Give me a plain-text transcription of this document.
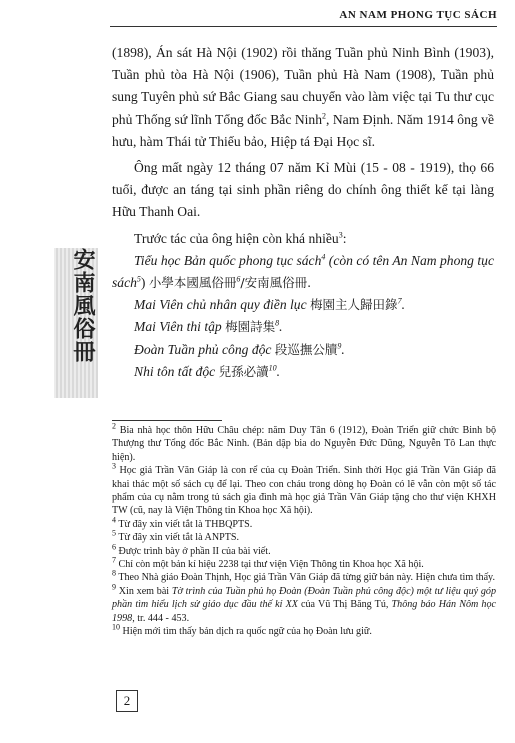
AN NAM PHONG TỤC SÁCH
安南風俗冊

(1898), Án sát Hà Nội (1902) rồi thăng Tuần phủ Ninh Bình (1903), Tuần phủ tòa Hà Nội (1906), Tuần phủ Hà Nam (1908), Tuần phủ sung Tuyên phủ sứ Bắc Giang sau chuyển vào làm việc tại Tu thư cục phủ Thống sứ lĩnh Tổng đốc Bắc Ninh$^2$, Nam Định. Năm 1914 ông về hưu, hàm Thái tử Thiếu bảo, Hiệp tá Đại Học sĩ.

Ông mất ngày 12 tháng 07 năm Kỉ Mùi (15 - 08 - 1919), thọ 66 tuổi, được an táng tại sinh phần riêng do chính ông thiết kế tại làng Hữu Thanh Oai.

Trước tác của ông hiện còn khá nhiều$^3$:

Tiểu học Bản quốc phong tục sách$^4$ (còn có tên An Nam phong tục sách$^5$) 小學本國風俗冊$^6$/安南風俗冊.

Mai Viên chủ nhân quy điền lục 梅園主人歸田錄$^7$.

Mai Viên thi tập 梅園詩集$^8$.

Đoàn Tuần phủ công độc 段巡撫公牘$^9$.

Nhi tôn tất độc 兒孫必讀$^{10}$.

$^2$ Bia nhà học thôn Hữu Châu chép: năm Duy Tân 6 (1912), Đoàn Triển giữ chức Binh bộ Thượng thư Tổng đốc Bắc Ninh. (Bản dập bia do Nguyễn Đức Dũng, Nguyễn Tô Lan thực hiện).

$^3$ Học giả Trần Văn Giáp là con rể của cụ Đoàn Triển. Sinh thời Học giả Trần Văn Giáp đã khai thác một số sách cụ để lại. Theo con cháu trong dòng họ Đoàn có lẽ vẫn còn một số tác phẩm của cụ nằm trong tủ sách gia đình mà học giả Trần Văn Giáp tặng cho thư viện KHXH TW (cũ, nay là Viện Thông tin Khoa học Xã hội).

$^4$ Từ đây xin viết tắt là THBQPTS.

$^5$ Từ đây xin viết tắt là ANPTS.

$^6$ Được trình bày ở phần II của bài viết.

$^7$ Chỉ còn một bản kí hiệu 2238 tại thư viện Viện Thông tin Khoa học Xã hội.

$^8$ Theo Nhà giáo Đoàn Thịnh, Học giả Trần Văn Giáp đã từng giữ bản này. Hiện chưa tìm thấy.

$^9$ Xin xem bài Tờ trình của Tuần phủ họ Đoàn (Đoàn Tuần phủ công độc) một tư liệu quý góp phần tìm hiểu lịch sử giáo dục đầu thế kỉ XX của Vũ Thị Băng Tú, Thông báo Hán Nôm học 1998, tr. 444 - 453.

$^{10}$ Hiện mới tìm thấy bản dịch ra quốc ngữ của họ Đoàn lưu giữ.

2
